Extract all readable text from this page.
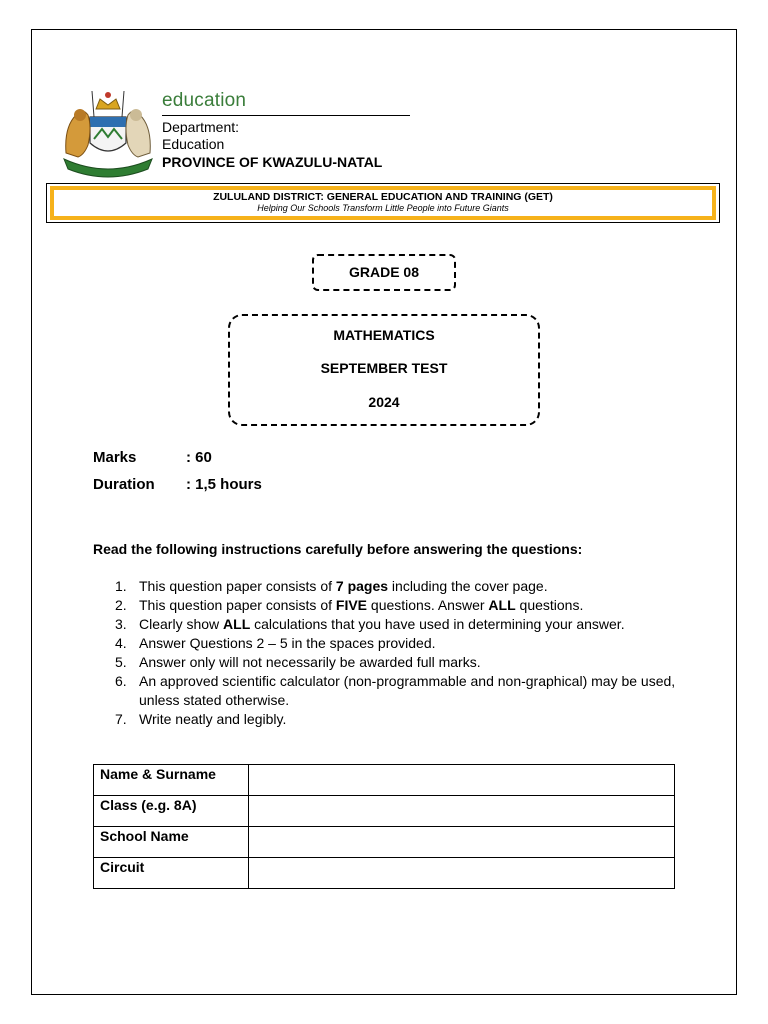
education
Department:
Education
PROVINCE OF KWAZULU-NATAL
ZULULAND DISTRICT: GENERAL EDUCATION AND TRAINING (GET)
Helping Our Schools Transform Little People into Future Giants
GRADE 08
MATHEMATICS
SEPTEMBER TEST
2024
Marks	: 60
Duration : 1,5 hours
Read the following instructions carefully before answering the questions:
1. This question paper consists of 7 pages including the cover page.
2. This question paper consists of FIVE questions. Answer ALL questions.
3. Clearly show ALL calculations that you have used in determining your answer.
4. Answer Questions 2 – 5 in the spaces provided.
5. Answer only will not necessarily be awarded full marks.
6. An approved scientific calculator (non-programmable and non-graphical) may be used, unless stated otherwise.
7. Write neatly and legibly.
Name & Surname	
Class (e.g. 8A)	
School Name	
Circuit	
